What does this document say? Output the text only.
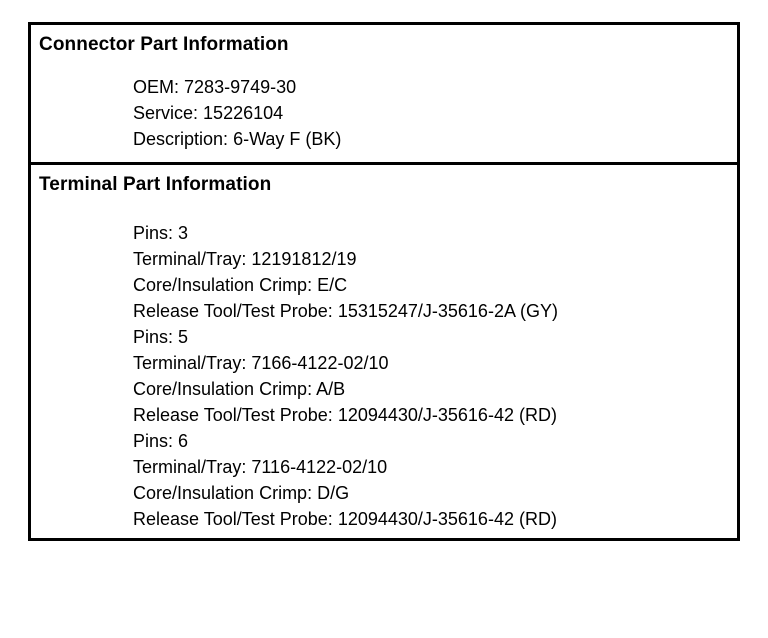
Connector Part Information
OEM: 7283-9749-30
Service: 15226104
Description: 6-Way F (BK)
Terminal Part Information
Pins: 3
Terminal/Tray: 12191812/19
Core/Insulation Crimp: E/C
Release Tool/Test Probe: 15315247/J-35616-2A (GY)
Pins: 5
Terminal/Tray: 7166-4122-02/10
Core/Insulation Crimp: A/B
Release Tool/Test Probe: 12094430/J-35616-42 (RD)
Pins: 6
Terminal/Tray: 7116-4122-02/10
Core/Insulation Crimp: D/G
Release Tool/Test Probe: 12094430/J-35616-42 (RD)
